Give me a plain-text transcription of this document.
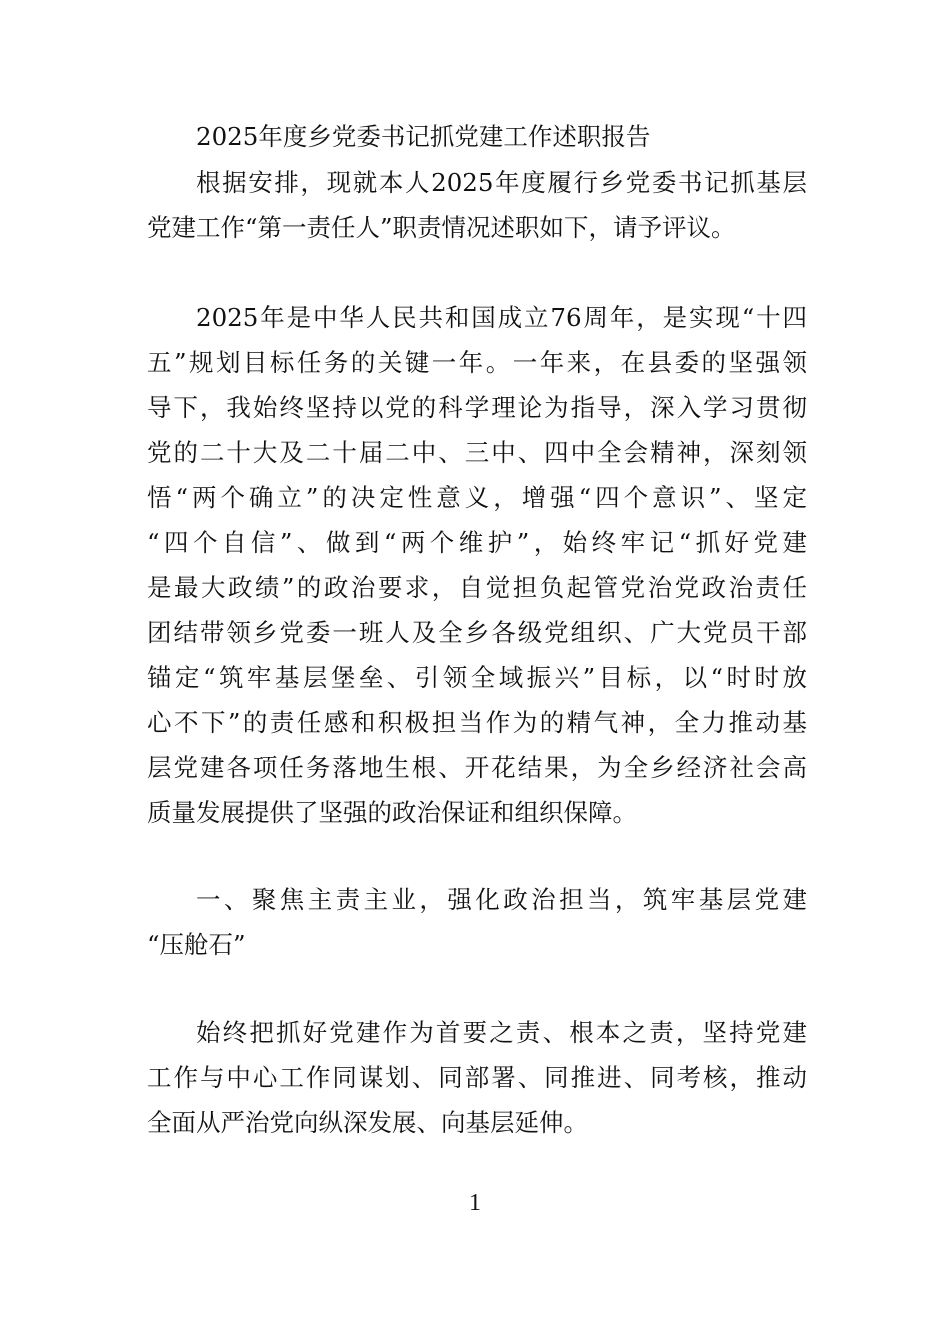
2025年度乡党委书记抓党建工作述职报告
根据安排，现就本人2025年度履行乡党委书记抓基层
党建工作“第一责任人”职责情况述职如下，请予评议。
2025年是中华人民共和国成立76周年，是实现“十四
五”规划目标任务的关键一年。一年来，在县委的坚强领
导下，我始终坚持以党的科学理论为指导，深入学习贯彻
党的二十大及二十届二中、三中、四中全会精神，深刻领
悟“两个确立”的决定性意义，增强“四个意识”、坚定
“四个自信”、做到“两个维护”，始终牢记“抓好党建
是最大政绩”的政治要求，自觉担负起管党治党政治责任
团结带领乡党委一班人及全乡各级党组织、广大党员干部
锚定“筑牢基层堡垒、引领全域振兴”目标，以“时时放
心不下”的责任感和积极担当作为的精气神，全力推动基
层党建各项任务落地生根、开花结果，为全乡经济社会高
质量发展提供了坚强的政治保证和组织保障。
一、聚焦主责主业，强化政治担当，筑牢基层党建
“压舱石”
始终把抓好党建作为首要之责、根本之责，坚持党建
工作与中心工作同谋划、同部署、同推进、同考核，推动
全面从严治党向纵深发展、向基层延伸。
1
